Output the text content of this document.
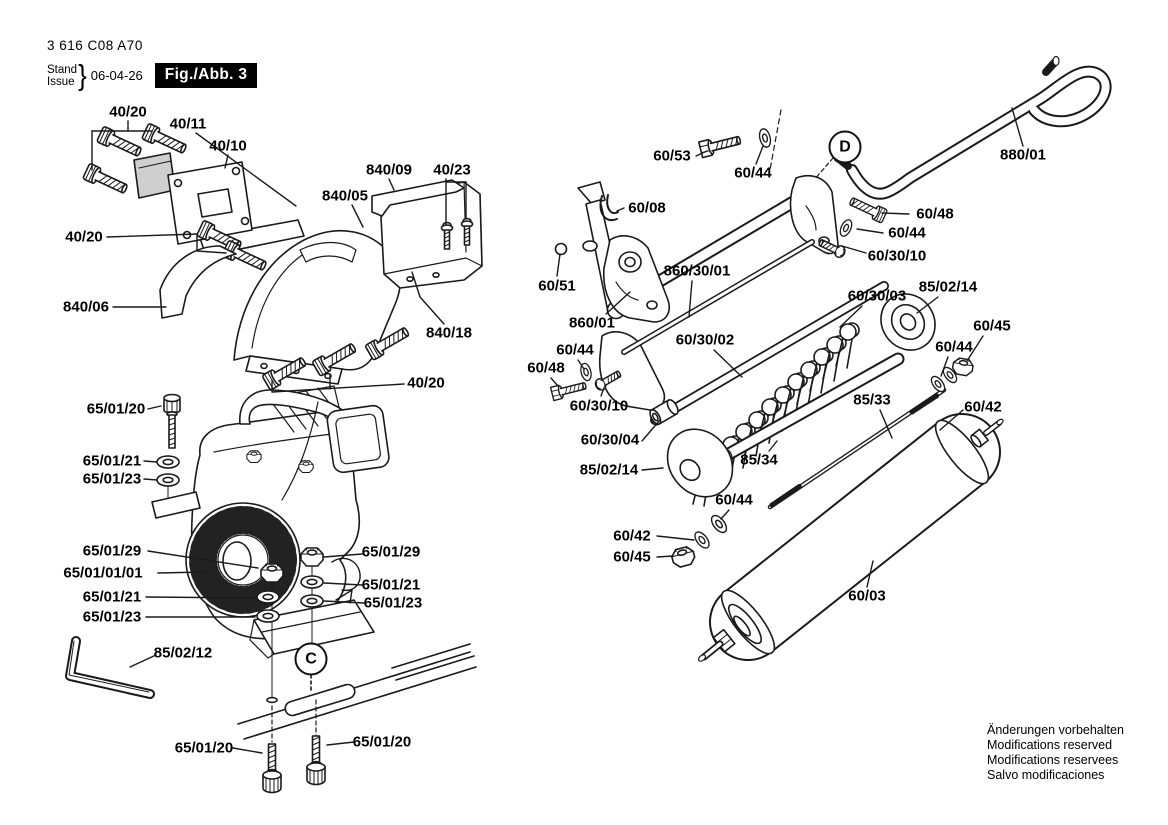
3 616 C08 A70
Stand
Issue } 06-04-26	Fig./Abb. 3
40/20
40/11
40/10
840/09 40/23
840/05
40/20
840/06
840/18
40/20
65/01/20
65/01/21
65/01/23
65/01/29
65/01/01/01
65/01/21
65/01/23
65/01/29
65/01/21
65/01/23
85/02/12
65/01/20	65/01/20
60/53
60/44
880/01
60/08	60/48
60/44
60/30/10
60/51
860/30/01
860/01
60/30/03
85/02/14
60/45
60/44
60/42
85/33
60/30/02
60/44
60/48
60/30/10
60/30/04
85/02/14
85/34
60/44
60/42
60/45
60/03
C
D
Änderungen vorbehalten
Modifications reserved
Modifications reservees
Salvo modificaciones
